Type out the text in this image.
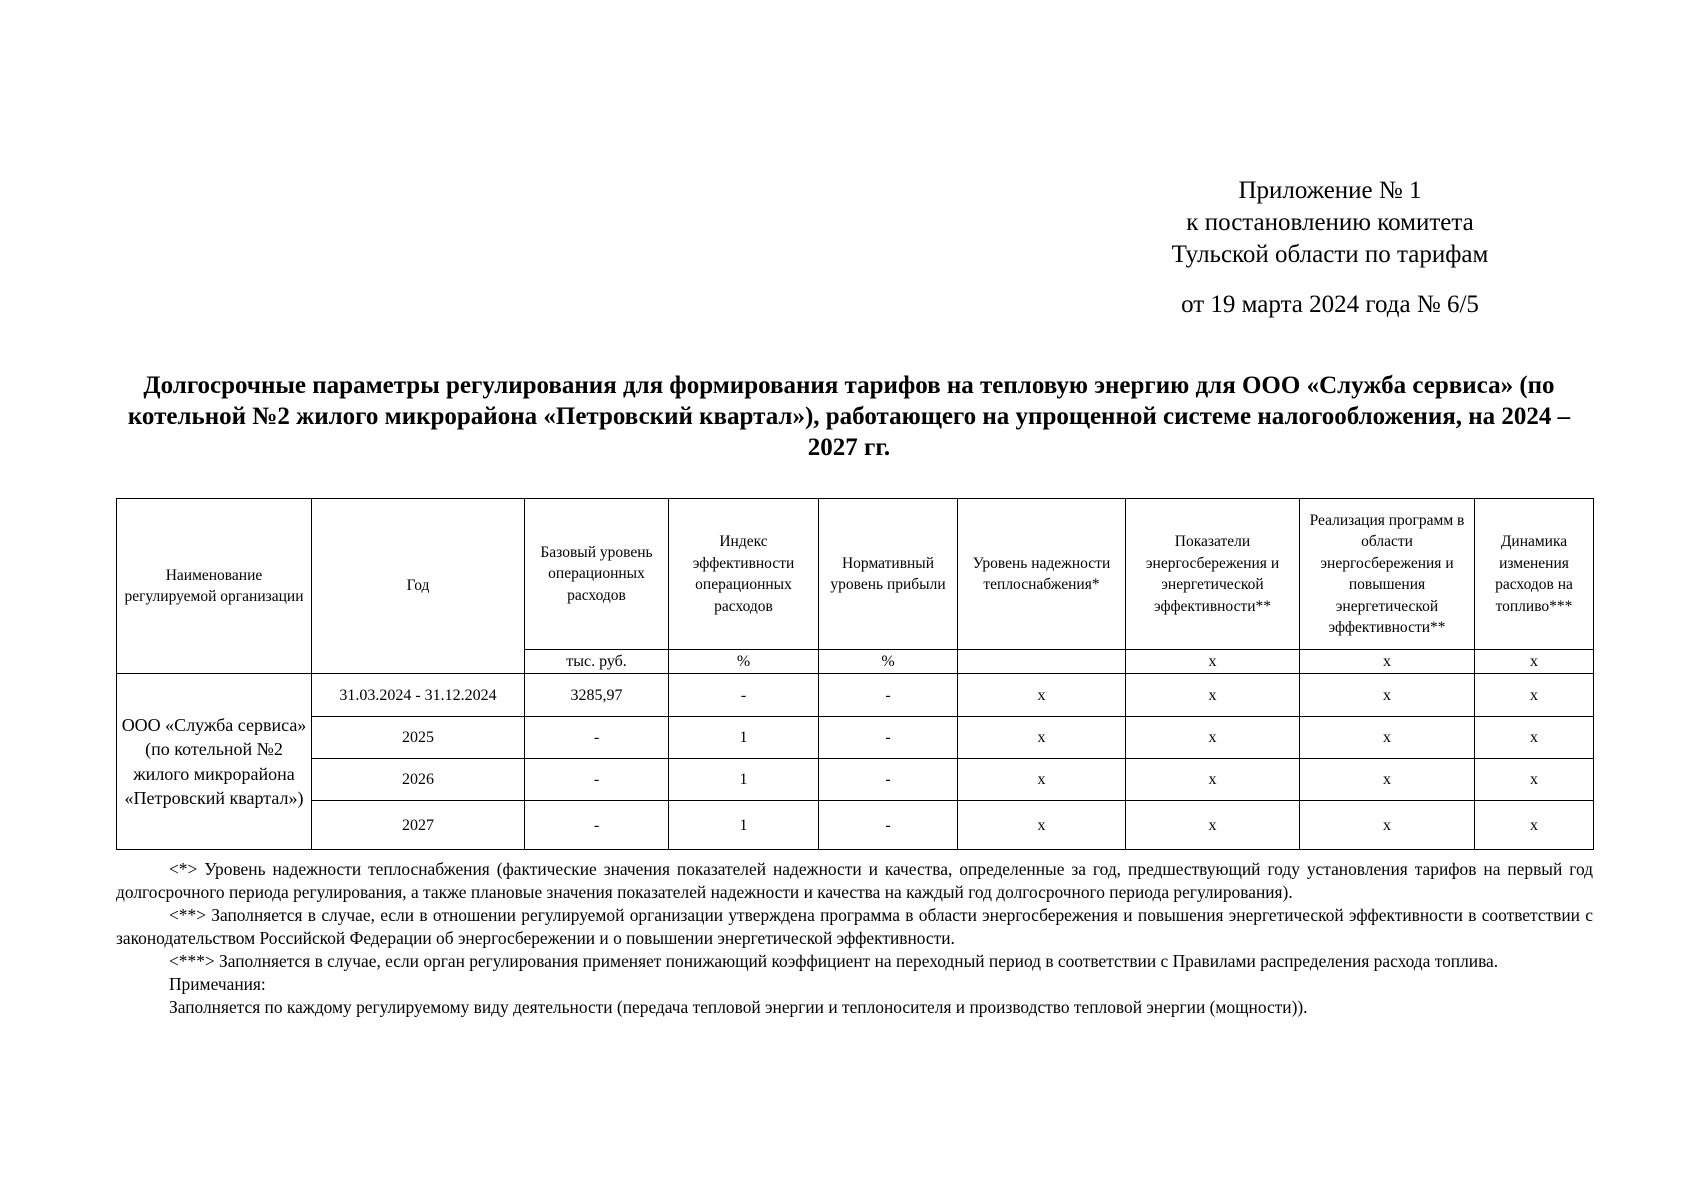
Приложение № 1
к постановлению комитета
Тульской области по тарифам
от 19 марта 2024 года № 6/5
Долгосрочные параметры регулирования для формирования тарифов на тепловую энергию для ООО «Служба сервиса» (по котельной №2 жилого микрорайона «Петровский квартал»), работающего на упрощенной системе налогообложения, на 2024 – 2027 гг.
Наименование регулируемой организации	Год	Базовый уровень операционных расходов	Индекс эффективности операционных расходов	Нормативный уровень прибыли	Уровень надежности теплоснабжения*	Показатели энергосбережения и энергетической эффективности**	Реализация программ в области энергосбережения и повышения энергетической эффективности**	Динамика изменения расходов на топливо***
		тыс. руб.	%	%		х	х	х
ООО «Служба сервиса» (по котельной №2 жилого микрорайона «Петровский квартал»)	31.03.2024 - 31.12.2024	3285,97	-	-	х	х	х	х
	2025	-	1	-	х	х	х	х
	2026	-	1	-	х	х	х	х
	2027	-	1	-	х	х	х	х

<*> Уровень надежности теплоснабжения (фактические значения показателей надежности и качества, определенные за год, предшествующий году установления тарифов на первый год долгосрочного периода регулирования, а также плановые значения показателей надежности и качества на каждый год долгосрочного периода регулирования).

<**> Заполняется в случае, если в отношении регулируемой организации утверждена программа в области энергосбережения и повышения энергетической эффективности в соответствии с законодательством Российской Федерации об энергосбережении и о повышении энергетической эффективности.

<***> Заполняется в случае, если орган регулирования применяет понижающий коэффициент на переходный период в соответствии с Правилами распределения расхода топлива.

Примечания:

Заполняется по каждому регулируемому виду деятельности (передача тепловой энергии и теплоносителя и производство тепловой энергии (мощности)).
